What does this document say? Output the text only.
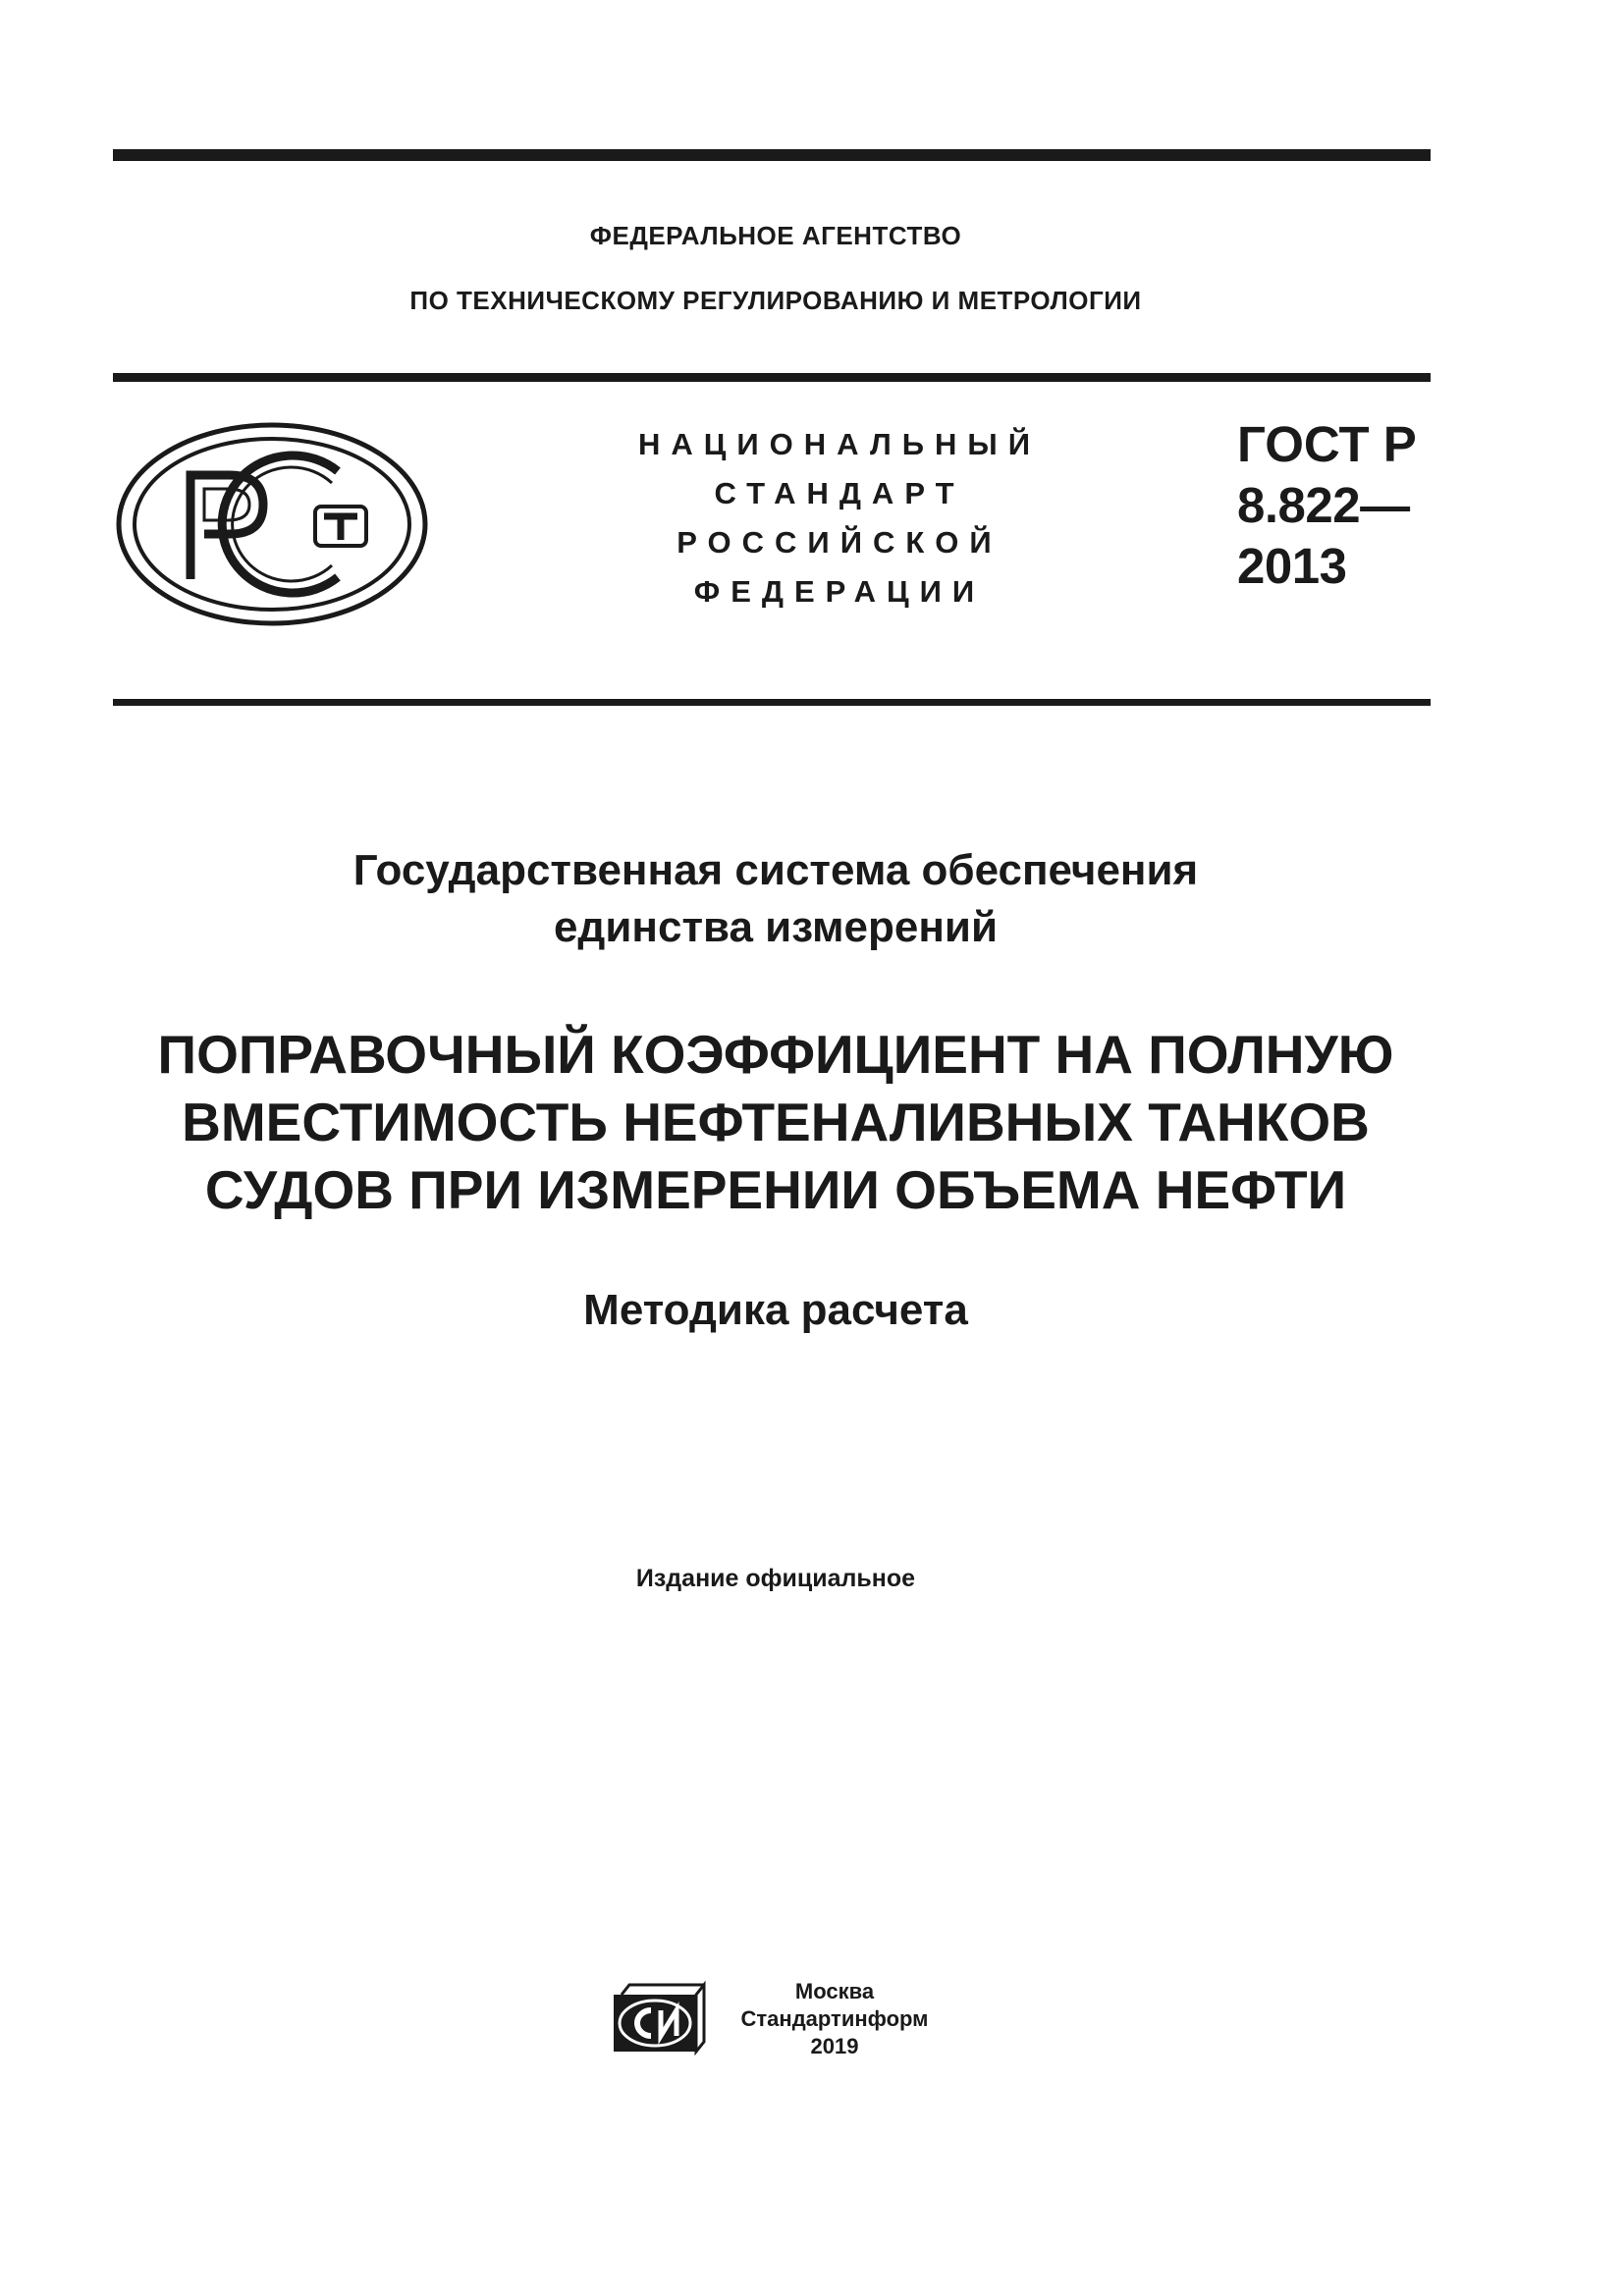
ФЕДЕРАЛЬНОЕ АГЕНТСТВО
ПО ТЕХНИЧЕСКОМУ РЕГУЛИРОВАНИЮ И МЕТРОЛОГИИ
НАЦИОНАЛЬНЫЙ
СТАНДАРТ
РОССИЙСКОЙ
ФЕДЕРАЦИИ
ГОСТ Р
8.822—
2013
Государственная система обеспечения
единства измерений
ПОПРАВОЧНЫЙ КОЭФФИЦИЕНТ НА ПОЛНУЮ
ВМЕСТИМОСТЬ НЕФТЕНАЛИВНЫХ ТАНКОВ
СУДОВ ПРИ ИЗМЕРЕНИИ ОБЪЕМА НЕФТИ
Методика расчета
Издание официальное
Москва
Стандартинформ
2019
